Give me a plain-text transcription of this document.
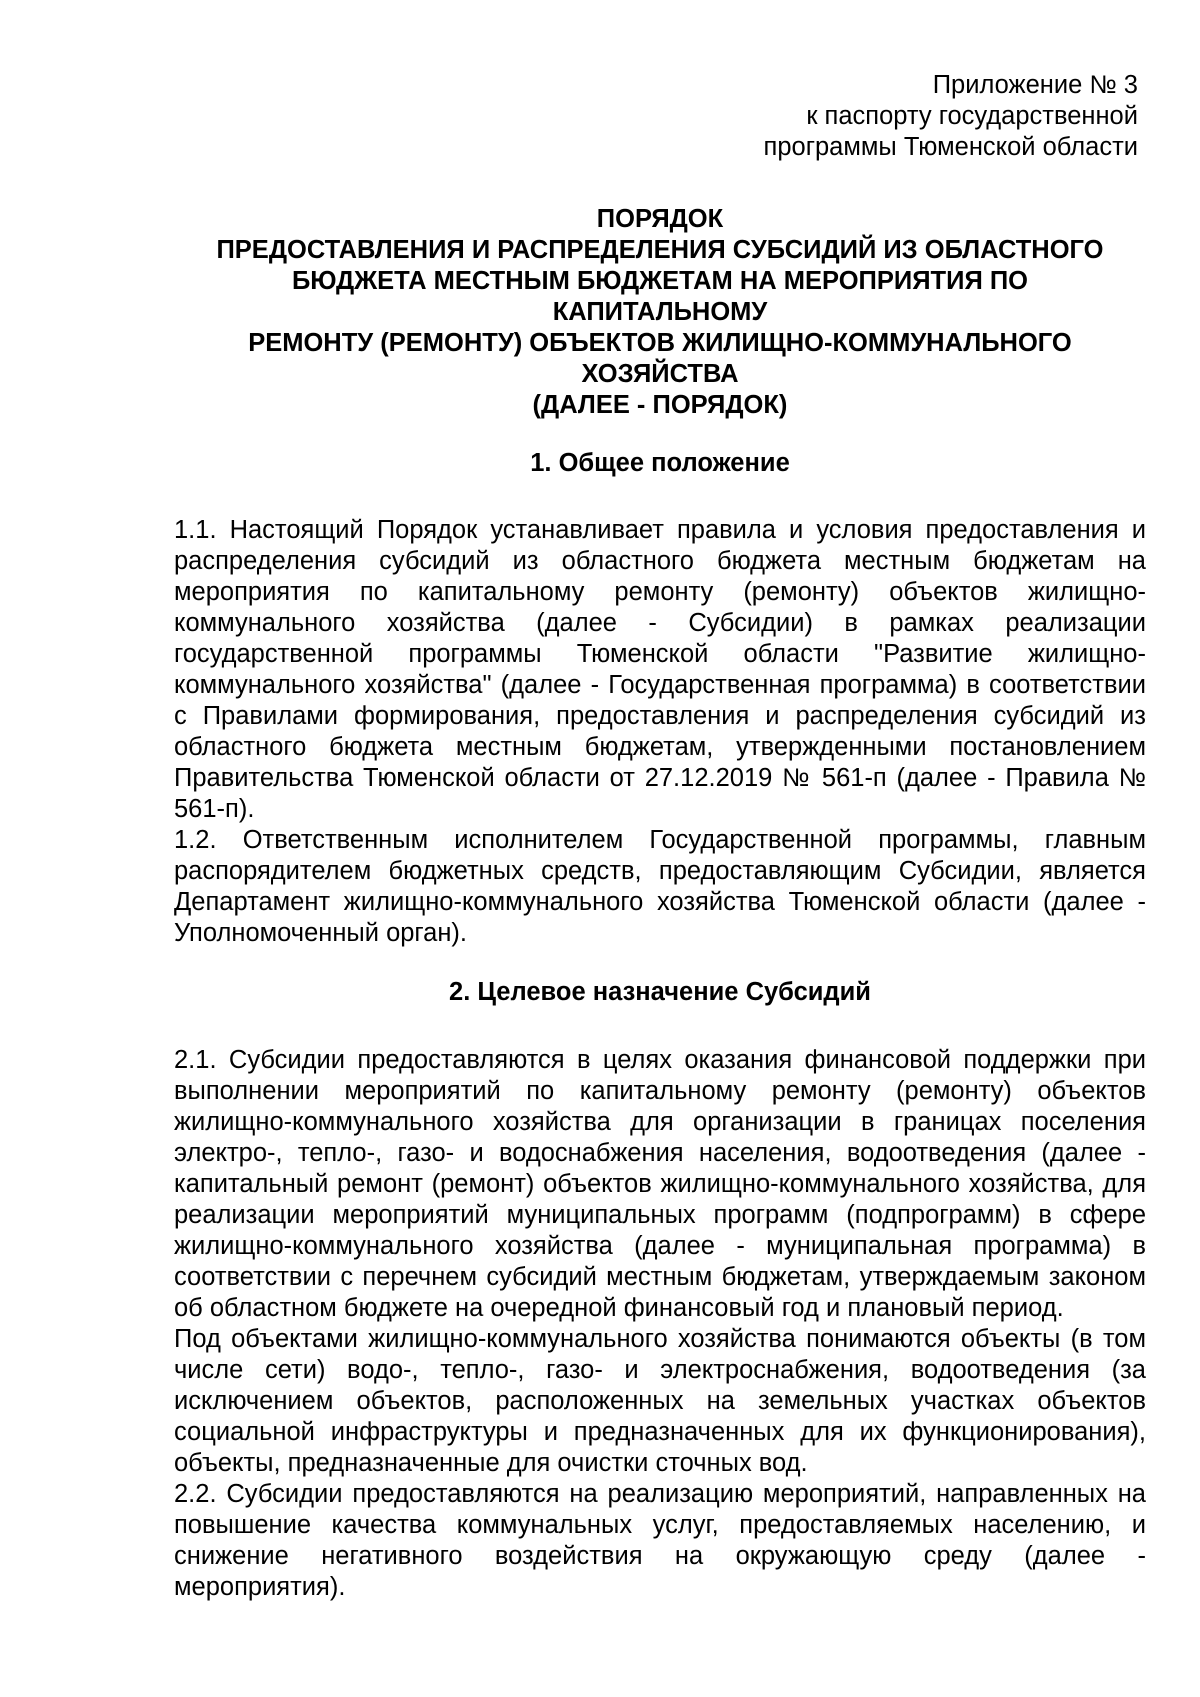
Приложение № 3
к паспорту государственной
программы Тюменской области
ПОРЯДОК
ПРЕДОСТАВЛЕНИЯ И РАСПРЕДЕЛЕНИЯ СУБСИДИЙ ИЗ ОБЛАСТНОГО
БЮДЖЕТА МЕСТНЫМ БЮДЖЕТАМ НА МЕРОПРИЯТИЯ ПО
КАПИТАЛЬНОМУ
РЕМОНТУ (РЕМОНТУ) ОБЪЕКТОВ ЖИЛИЩНО-КОММУНАЛЬНОГО
ХОЗЯЙСТВА
(ДАЛЕЕ - ПОРЯДОК)
1. Общее положение

1.1. Настоящий Порядок устанавливает правила и условия предоставления и распределения субсидий из областного бюджета местным бюджетам на мероприятия по капитальному ремонту (ремонту) объектов жилищно-коммунального хозяйства (далее - Субсидии) в рамках реализации государственной программы Тюменской области "Развитие жилищно-коммунального хозяйства" (далее - Государственная программа) в соответствии с Правилами формирования, предоставления и распределения субсидий из областного бюджета местным бюджетам, утвержденными постановлением Правительства Тюменской области от 27.12.2019 № 561-п (далее - Правила № 561-п).

1.2. Ответственным исполнителем Государственной программы, главным распорядителем бюджетных средств, предоставляющим Субсидии, является Департамент жилищно-коммунального хозяйства Тюменской области (далее - Уполномоченный орган).

2. Целевое назначение Субсидий

2.1. Субсидии предоставляются в целях оказания финансовой поддержки при выполнении мероприятий по капитальному ремонту (ремонту) объектов жилищно-коммунального хозяйства для организации в границах поселения электро-, тепло-, газо- и водоснабжения населения, водоотведения (далее - капитальный ремонт (ремонт) объектов жилищно-коммунального хозяйства, для реализации мероприятий муниципальных программ (подпрограмм) в сфере жилищно-коммунального хозяйства (далее - муниципальная программа) в соответствии с перечнем субсидий местным бюджетам, утверждаемым законом об областном бюджете на очередной финансовый год и плановый период.

Под объектами жилищно-коммунального хозяйства понимаются объекты (в том числе сети) водо-, тепло-, газо- и электроснабжения, водоотведения (за исключением объектов, расположенных на земельных участках объектов социальной инфраструктуры и предназначенных для их функционирования), объекты, предназначенные для очистки сточных вод.

2.2. Субсидии предоставляются на реализацию мероприятий, направленных на повышение качества коммунальных услуг, предоставляемых населению, и снижение негативного воздействия на окружающую среду (далее - мероприятия).
